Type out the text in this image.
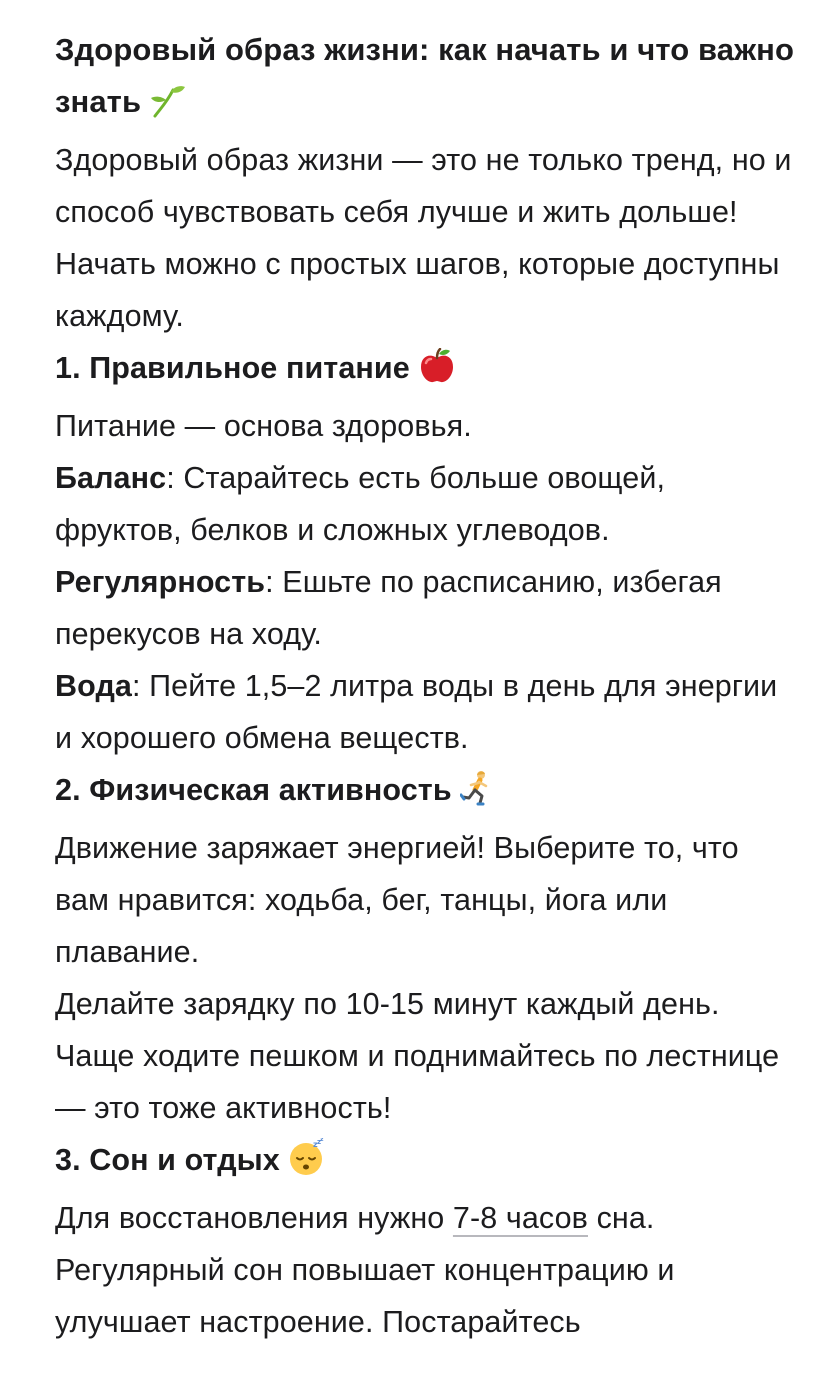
Здоровый образ жизни: как начать и что важно знать

Здоровый образ жизни — это не только тренд, но и способ чувствовать себя лучше и жить дольше! Начать можно с простых шагов, которые доступны каждому.

1. Правильное питание

Питание — основа здоровья.

Баланс: Старайтесь есть больше овощей, фруктов, белков и сложных углеводов.

Регулярность: Ешьте по расписанию, избегая перекусов на ходу.

Вода: Пейте 1,5–2 литра воды в день для энергии и хорошего обмена веществ.

2. Физическая активность

Движение заряжает энергией! Выберите то, что вам нравится: ходьба, бег, танцы, йога или плавание.

Делайте зарядку по 10-15 минут каждый день.

Чаще ходите пешком и поднимайтесь по лестнице — это тоже активность!

3. Сон и отдых	z z
z

Для восстановления нужно 7-8 часов сна.

Регулярный сон повышает концентрацию и улучшает настроение. Постарайтесь
